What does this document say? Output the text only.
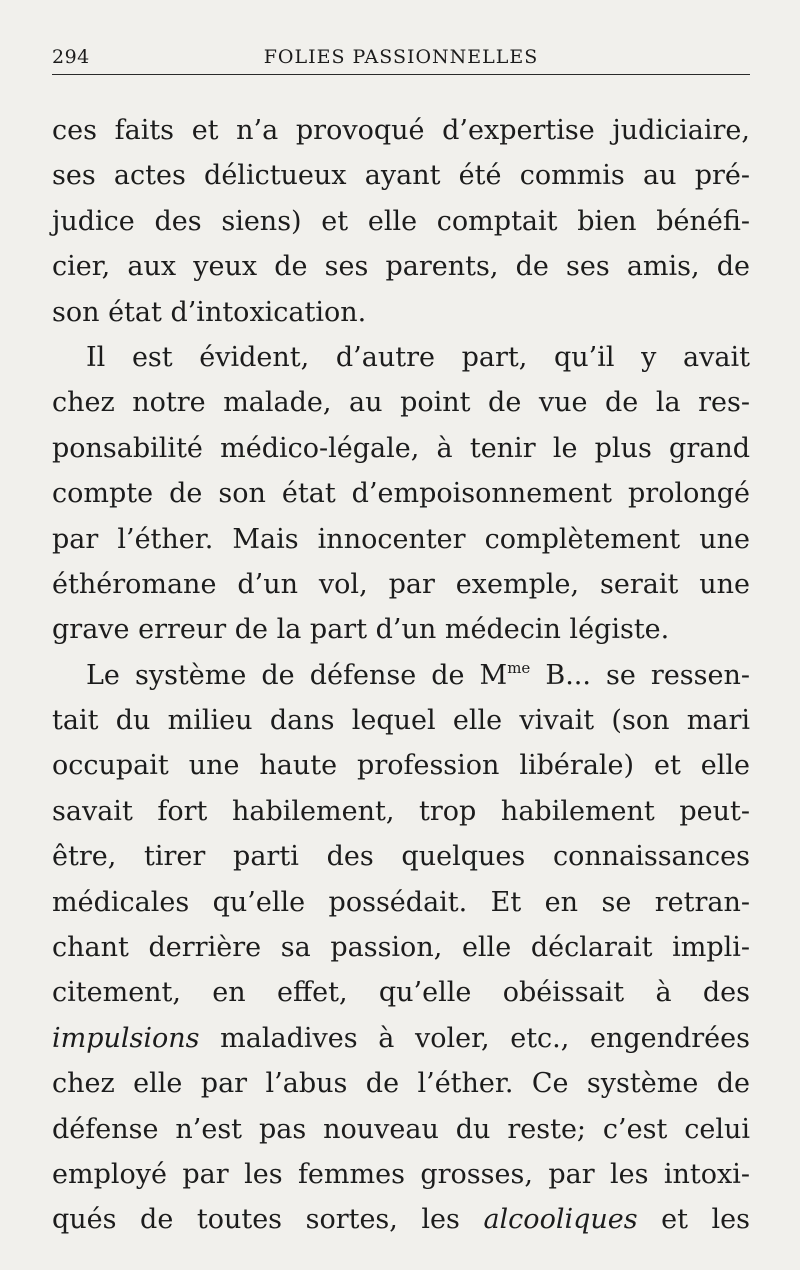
294	FOLIES PASSIONNELLES
ces faits et n’a provoqué d’expertise judiciaire,
ses actes délictueux ayant été commis au pré-
judice des siens) et elle comptait bien bénéfi-
cier, aux yeux de ses parents, de ses amis, de
son état d’intoxication.
Il est évident, d’autre part, qu’il y avait
chez notre malade, au point de vue de la res-
ponsabilité médico-légale, à tenir le plus grand
compte de son état d’empoisonnement prolongé
par l’éther. Mais innocenter complètement une
éthéromane d’un vol, par exemple, serait une
grave erreur de la part d’un médecin légiste.
Le système de défense de $M^{me}$ B... se ressen-
tait du milieu dans lequel elle vivait (son mari
occupait une haute profession libérale) et elle
savait fort habilement, trop habilement peut-
être, tirer parti des quelques connaissances
médicales qu’elle possédait. Et en se retran-
chant derrière sa passion, elle déclarait impli-
citement, en effet, qu’elle obéissait à des
impulsions maladives à voler, etc., engendrées
chez elle par l’abus de l’éther. Ce système de
défense n’est pas nouveau du reste; c’est celui
employé par les femmes grosses, par les intoxi-
qués de toutes sortes, les alcooliques et les
